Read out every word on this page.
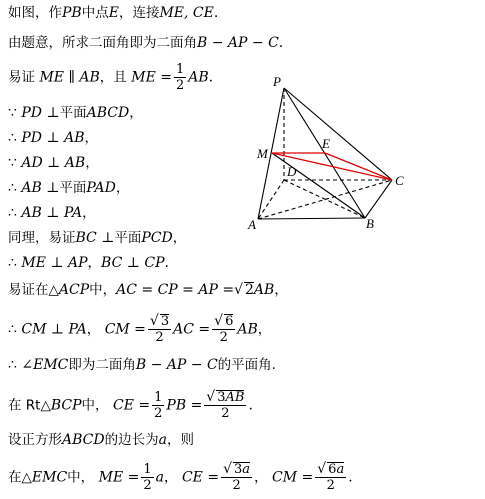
如图，作PB中点E，连接ME, CE.
由题意，所求二面角即为二面角B − AP − C.
易证 ME ∥ AB，且 ME = $\frac{1}{2}$ AB.
∵ PD ⊥平面ABCD，
∴ PD ⊥ AB，
∵ AD ⊥ AB，
∴ AB ⊥平面PAD，
∴ AB ⊥ PA，
同理，易证BC ⊥平面PCD，
∴ ME ⊥ AP，BC ⊥ CP.
易证在△ACP中，AC = CP = AP =√ 2AB，
∴ CM ⊥ PA， CM = $\frac{√ 3}{2}$ AC = $\frac{√ 6}{2}$ AB，
∴ ∠EMC即为二面角B − AP − C的平面角.
在 Rt△BCP中， CE = $\frac{1}{2}$ PB = $\frac{√ 3AB}{2}$ .
设正方形ABCD的边长为a，则
在△EMC中， ME = $\frac{1}{2}$ a， CE = $\frac{√ 3a}{2}$ ， CM = $\frac{√ 6a}{2}$ .
P
E
M
D
C
A	B
